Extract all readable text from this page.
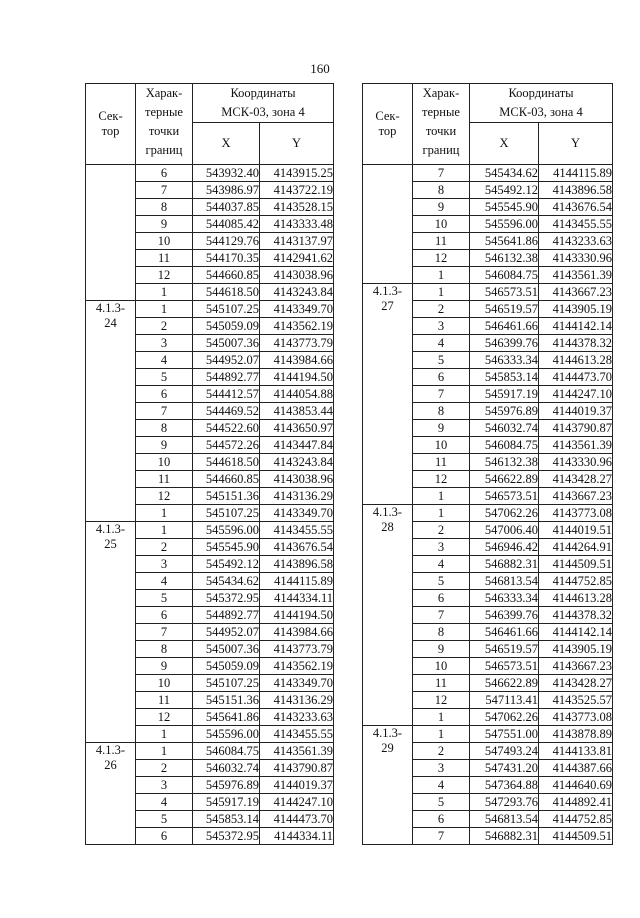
160
Сек-
тор	Харак-
терные
точки
границ	Координаты
МСК-03, зона 4	
		X	Y
	6	543932.40	4143915.25
	7	543986.97	4143722.19
	8	544037.85	4143528.15
	9	544085.42	4143333.48
	10	544129.76	4143137.97
	11	544170.35	4142941.62
	12	544660.85	4143038.96
	1	544618.50	4143243.84
4.1.3-
24	1	545107.25	4143349.70
	2	545059.09	4143562.19
	3	545007.36	4143773.79
	4	544952.07	4143984.66
	5	544892.77	4144194.50
	6	544412.57	4144054.88
	7	544469.52	4143853.44
	8	544522.60	4143650.97
	9	544572.26	4143447.84
	10	544618.50	4143243.84
	11	544660.85	4143038.96
	12	545151.36	4143136.29
	1	545107.25	4143349.70
4.1.3-
25	1	545596.00	4143455.55
	2	545545.90	4143676.54
	3	545492.12	4143896.58
	4	545434.62	4144115.89
	5	545372.95	4144334.11
	6	544892.77	4144194.50
	7	544952.07	4143984.66
	8	545007.36	4143773.79
	9	545059.09	4143562.19
	10	545107.25	4143349.70
	11	545151.36	4143136.29
	12	545641.86	4143233.63
	1	545596.00	4143455.55
4.1.3-
26	1	546084.75	4143561.39
	2	546032.74	4143790.87
	3	545976.89	4144019.37
	4	545917.19	4144247.10
	5	545853.14	4144473.70
	6	545372.95	4144334.11
Сек-
тор	Харак-
терные
точки
границ	Координаты
МСК-03, зона 4	
		X	Y
	7	545434.62	4144115.89
	8	545492.12	4143896.58
	9	545545.90	4143676.54
	10	545596.00	4143455.55
	11	545641.86	4143233.63
	12	546132.38	4143330.96
	1	546084.75	4143561.39
4.1.3-
27	1	546573.51	4143667.23
	2	546519.57	4143905.19
	3	546461.66	4144142.14
	4	546399.76	4144378.32
	5	546333.34	4144613.28
	6	545853.14	4144473.70
	7	545917.19	4144247.10
	8	545976.89	4144019.37
	9	546032.74	4143790.87
	10	546084.75	4143561.39
	11	546132.38	4143330.96
	12	546622.89	4143428.27
	1	546573.51	4143667.23
4.1.3-
28	1	547062.26	4143773.08
	2	547006.40	4144019.51
	3	546946.42	4144264.91
	4	546882.31	4144509.51
	5	546813.54	4144752.85
	6	546333.34	4144613.28
	7	546399.76	4144378.32
	8	546461.66	4144142.14
	9	546519.57	4143905.19
	10	546573.51	4143667.23
	11	546622.89	4143428.27
	12	547113.41	4143525.57
	1	547062.26	4143773.08
4.1.3-
29	1	547551.00	4143878.89
	2	547493.24	4144133.81
	3	547431.20	4144387.66
	4	547364.88	4144640.69
	5	547293.76	4144892.41
	6	546813.54	4144752.85
	7	546882.31	4144509.51
